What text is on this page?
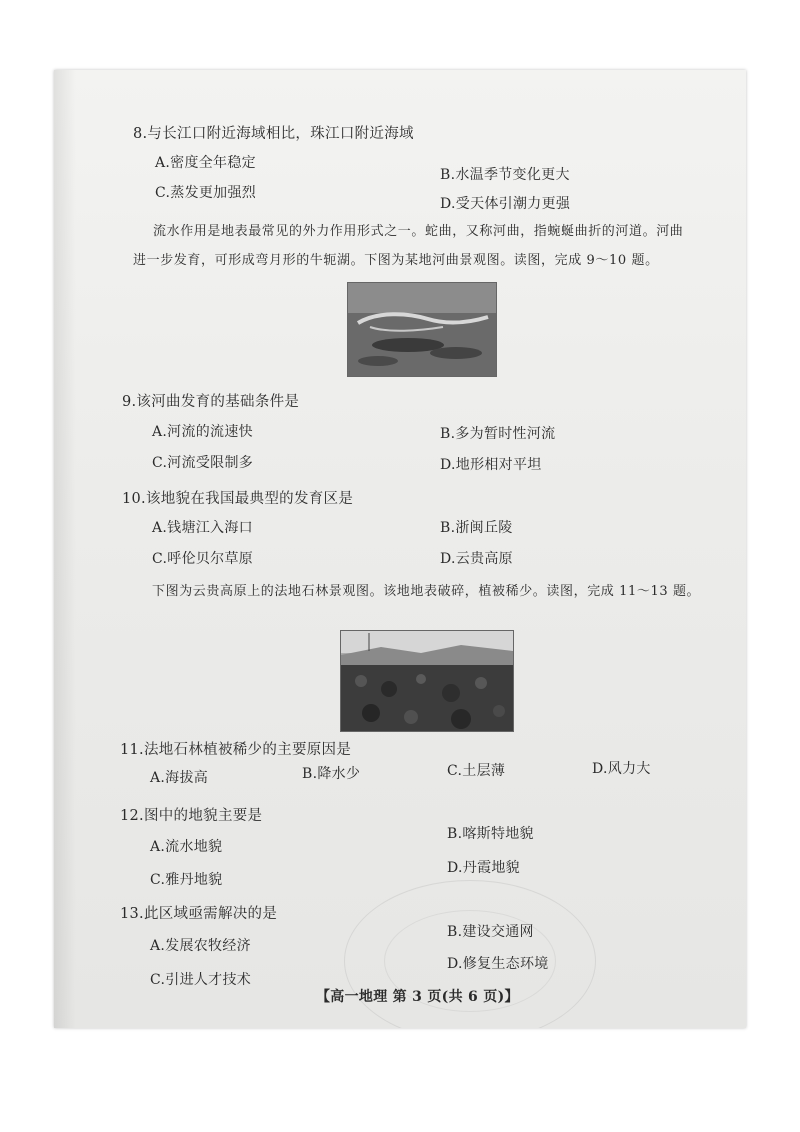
8.与长江口附近海域相比，珠江口附近海域
A.密度全年稳定
B.水温季节变化更大
C.蒸发更加强烈
D.受天体引潮力更强
流水作用是地表最常见的外力作用形式之一。蛇曲，又称河曲，指蜿蜒曲折的河道。河曲
进一步发育，可形成弯月形的牛轭湖。下图为某地河曲景观图。读图，完成 9～10 题。
9.该河曲发育的基础条件是
A.河流的流速快	B.多为暂时性河流
C.河流受限制多	D.地形相对平坦
10.该地貌在我国最典型的发育区是
A.钱塘江入海口	B.浙闽丘陵
C.呼伦贝尔草原	D.云贵高原
下图为云贵高原上的法地石林景观图。该地地表破碎，植被稀少。读图，完成 11～13 题。
11.法地石林植被稀少的主要原因是
A.海拔高	B.降水少	C.土层薄	D.风力大
12.图中的地貌主要是
A.流水地貌
B.喀斯特地貌
C.雅丹地貌
D.丹霞地貌
13.此区域亟需解决的是
A.发展农牧经济
B.建设交通网
C.引进人才技术
D.修复生态环境
【高一地理 第 3 页(共 6 页)】
